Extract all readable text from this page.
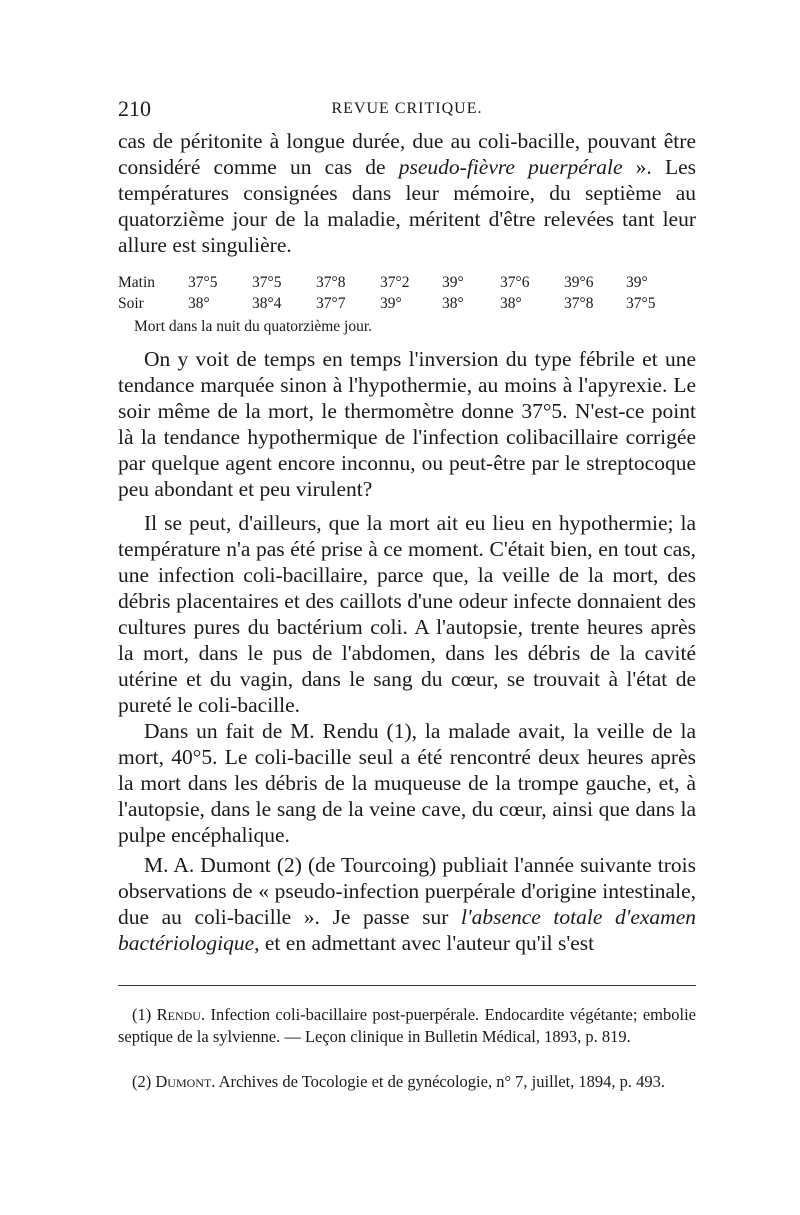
210	REVUE CRITIQUE.

cas de péritonite à longue durée, due au coli-bacille, pouvant être considéré comme un cas de pseudo-fièvre puerpérale ». Les températures consignées dans leur mémoire, du septième au quatorzième jour de la maladie, méritent d'être relevées tant leur allure est singulière.

Matin 37°5 37°5 37°8 37°2 39° 37°6 39°6 39°
Soir	38°	38°4 37°7 39°	38° 38°	37°8 37°5
Mort dans la nuit du quatorzième jour.

On y voit de temps en temps l'inversion du type fébrile et une tendance marquée sinon à l'hypothermie, au moins à l'apyrexie. Le soir même de la mort, le thermomètre donne 37°5. N'est-ce point là la tendance hypothermique de l'infection colibacillaire corrigée par quelque agent encore inconnu, ou peut-être par le streptocoque peu abondant et peu virulent?

Il se peut, d'ailleurs, que la mort ait eu lieu en hypothermie; la température n'a pas été prise à ce moment. C'était bien, en tout cas, une infection coli-bacillaire, parce que, la veille de la mort, des débris placentaires et des caillots d'une odeur infecte donnaient des cultures pures du bactérium coli. A l'autopsie, trente heures après la mort, dans le pus de l'abdomen, dans les débris de la cavité utérine et du vagin, dans le sang du cœur, se trouvait à l'état de pureté le coli-bacille.

Dans un fait de M. Rendu (1), la malade avait, la veille de la mort, 40°5. Le coli-bacille seul a été rencontré deux heures après la mort dans les débris de la muqueuse de la trompe gauche, et, à l'autopsie, dans le sang de la veine cave, du cœur, ainsi que dans la pulpe encéphalique.

M. A. Dumont (2) (de Tourcoing) publiait l'année suivante trois observations de « pseudo-infection puerpérale d'origine intestinale, due au coli-bacille ». Je passe sur l'absence totale d'examen bactériologique, et en admettant avec l'auteur qu'il s'est

(1) Rendu. Infection coli-bacillaire post-puerpérale. Endocardite végétante; embolie septique de la sylvienne. — Leçon clinique in Bulletin Médical, 1893, p. 819.

(2) Dumont. Archives de Tocologie et de gynécologie, n° 7, juillet, 1894, p. 493.
